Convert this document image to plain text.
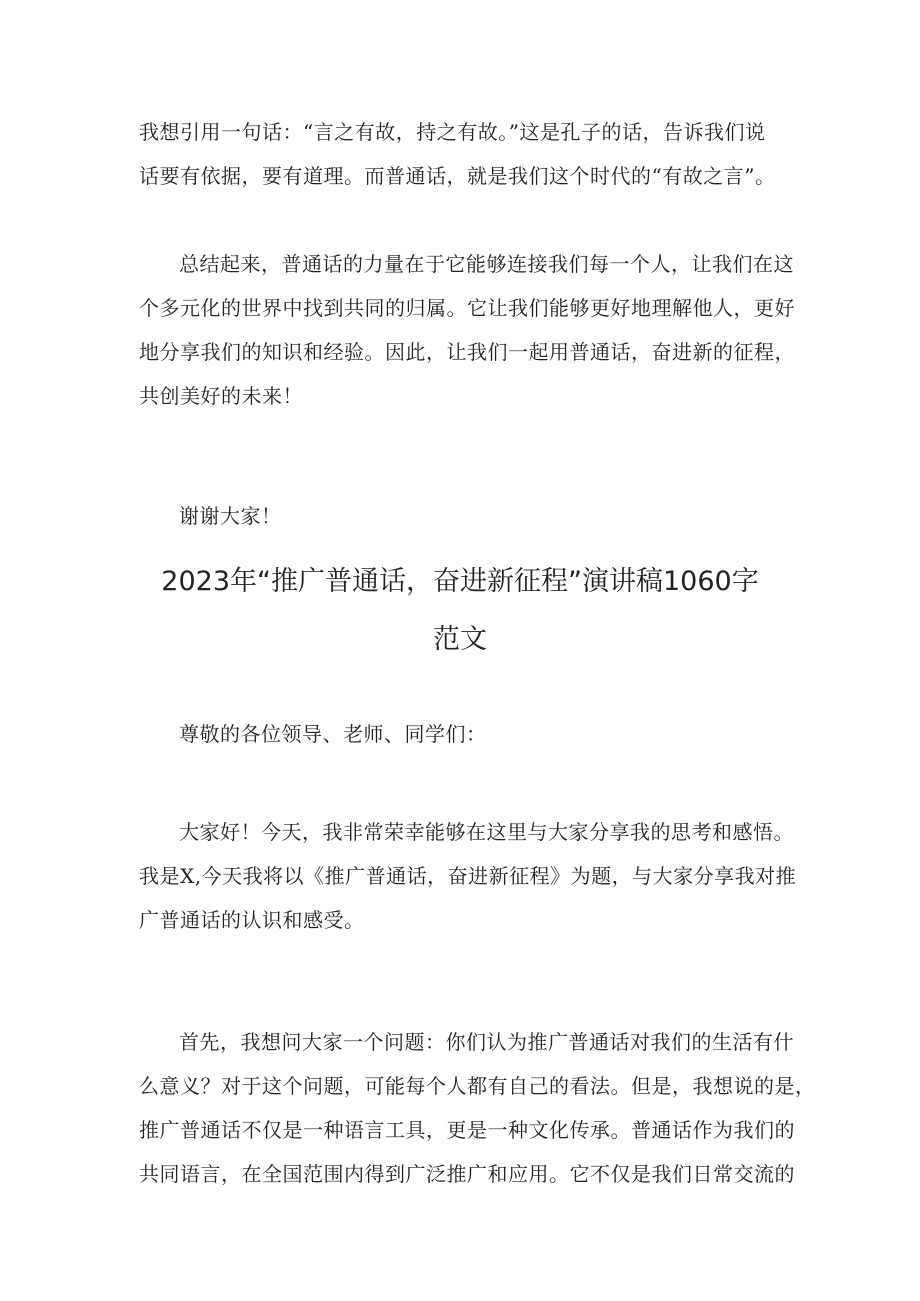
我想引用一句话：“言之有故，持之有故。”这是孔子的话，告诉我们说
话要有依据，要有道理。而普通话，就是我们这个时代的“有故之言”。

总结起来，普通话的力量在于它能够连接我们每一个人，让我们在这
个多元化的世界中找到共同的归属。它让我们能够更好地理解他人，更好
地分享我们的知识和经验。因此，让我们一起用普通话，奋进新的征程，
共创美好的未来！

谢谢大家！

2023年“推广普通话，奋进新征程”演讲稿1060字
范文

尊敬的各位领导、老师、同学们：

大家好！今天，我非常荣幸能够在这里与大家分享我的思考和感悟。
我是X,今天我将以《推广普通话，奋进新征程》为题，与大家分享我对推
广普通话的认识和感受。

首先，我想问大家一个问题：你们认为推广普通话对我们的生活有什
么意义？对于这个问题，可能每个人都有自己的看法。但是，我想说的是，
推广普通话不仅是一种语言工具，更是一种文化传承。普通话作为我们的
共同语言，在全国范围内得到广泛推广和应用。它不仅是我们日常交流的
